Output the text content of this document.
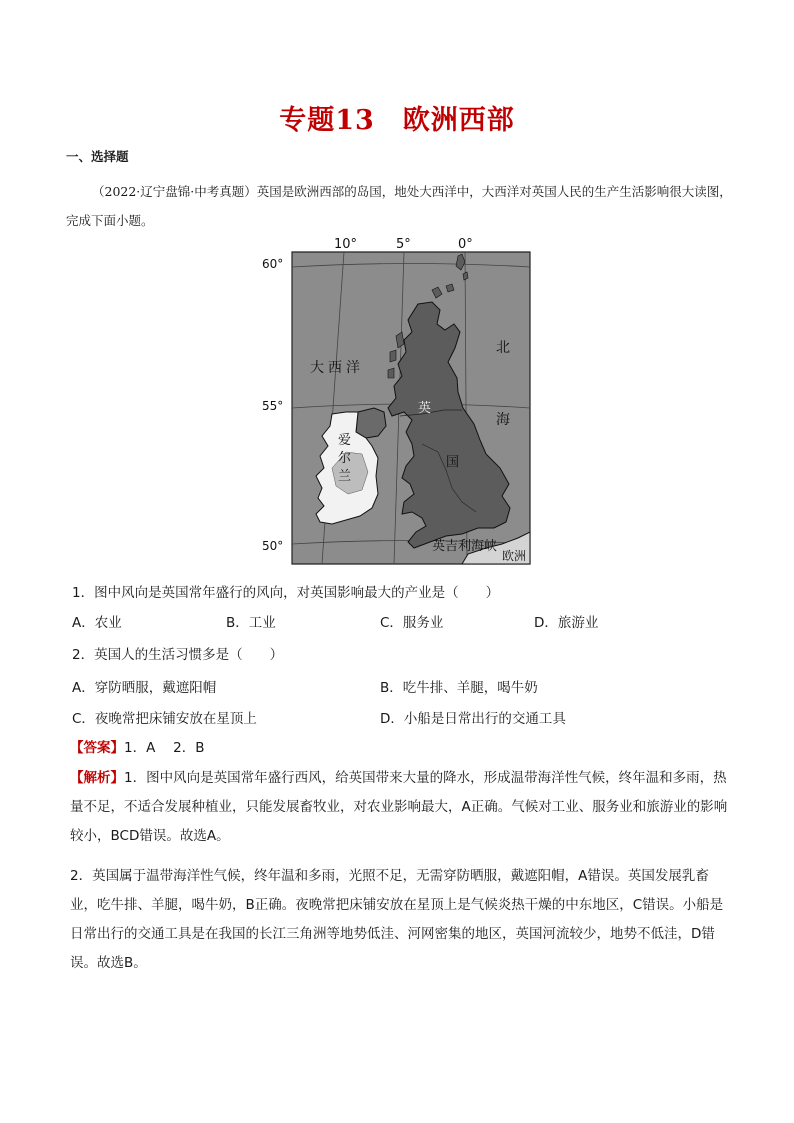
专题13　欧洲西部
一、选择题
（2022·辽宁盘锦·中考真题）英国是欧洲西部的岛国，地处大西洋中，大西洋对英国人民的生产生活影响很大读图，完成下面小题。
10°	5°	0°
60°
55°
50°
大 西 洋
北
海
英
国
爱
尔
兰
英吉利海峡
欧洲
1．图中风向是英国常年盛行的风向，对英国影响最大的产业是（　　）
A．农业	B．工业	C．服务业	D．旅游业
2．英国人的生活习惯多是（　　）
A．穿防晒服，戴遮阳帽	B．吃牛排、羊腿，喝牛奶
C．夜晚常把床铺安放在星顶上	D．小船是日常出行的交通工具
【答案】1．A　 2．B
【解析】1．图中风向是英国常年盛行西风，给英国带来大量的降水，形成温带海洋性气候，终年温和多雨，热量不足，不适合发展种植业，只能发展畜牧业，对农业影响最大，A正确。气候对工业、服务业和旅游业的影响较小，BCD错误。故选A。
2．英国属于温带海洋性气候，终年温和多雨，光照不足，无需穿防晒服，戴遮阳帽，A错误。英国发展乳畜业，吃牛排、羊腿，喝牛奶，B正确。夜晚常把床铺安放在星顶上是气候炎热干燥的中东地区，C错误。小船是日常出行的交通工具是在我国的长江三角洲等地势低洼、河网密集的地区，英国河流较少，地势不低洼，D错误。故选B。
